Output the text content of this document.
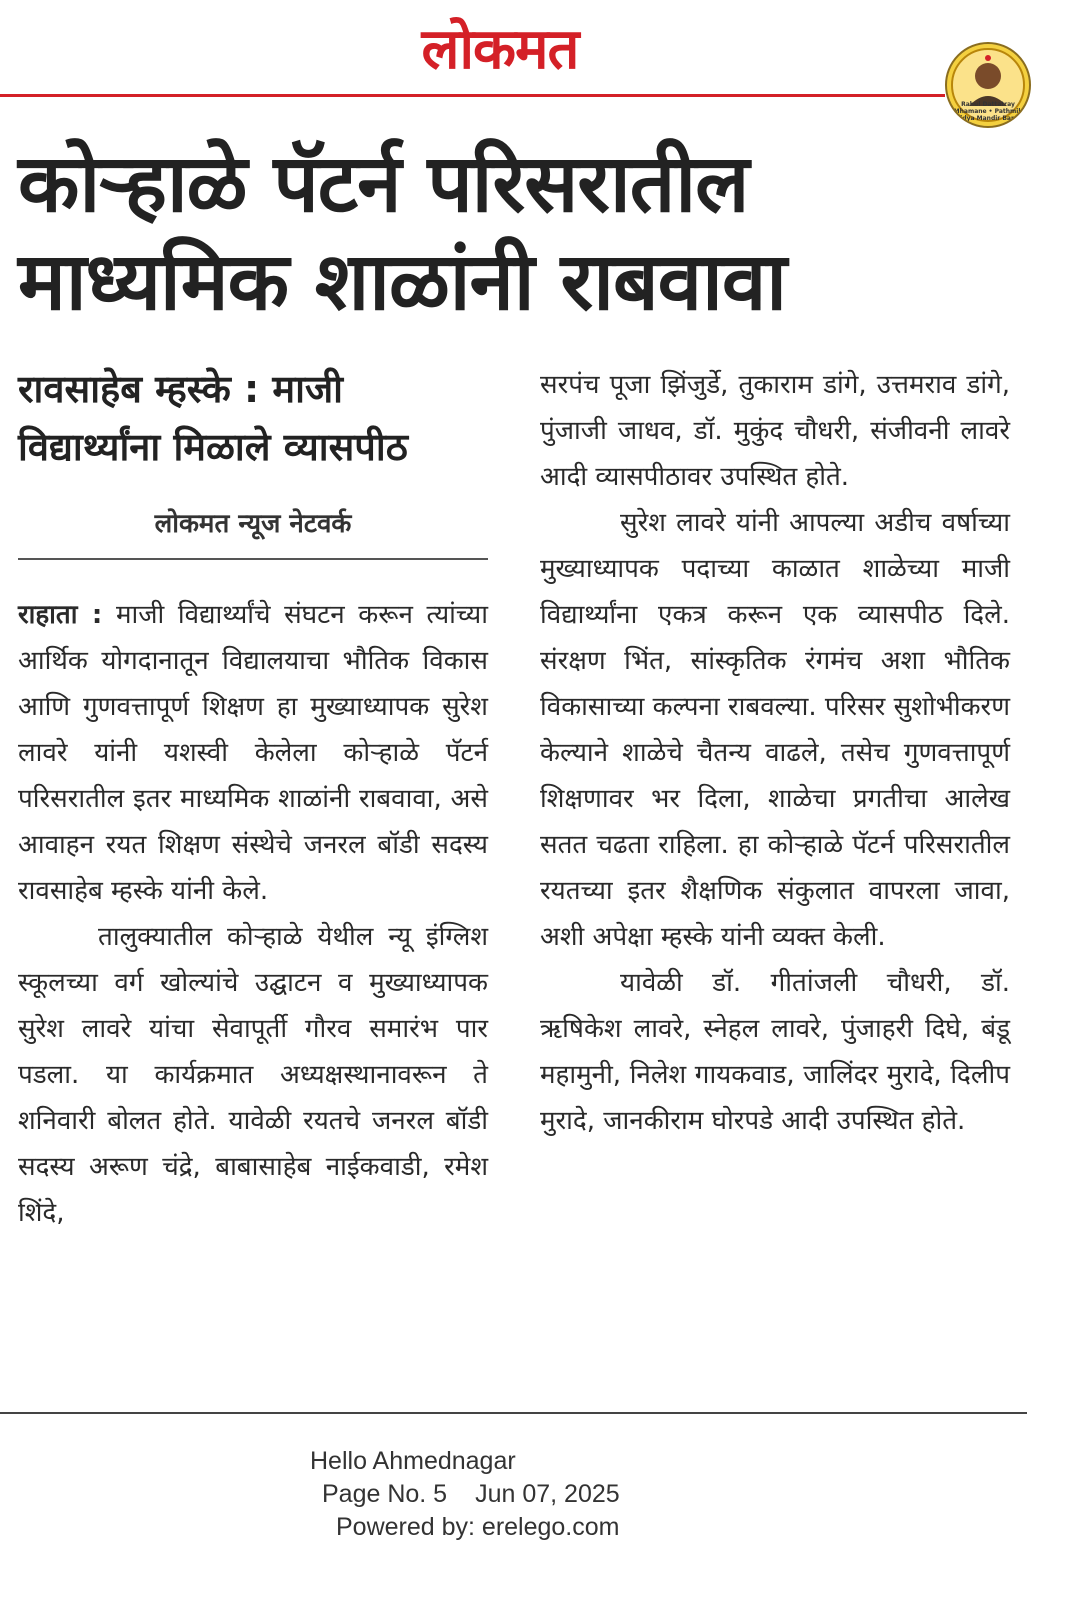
लोकमत
Rahul Dattatray Mhamane • Pathmik Vidya Mandir Bardi
कोऱ्हाळे पॅटर्न परिसरातील
माध्यमिक शाळांनी राबवावा
रावसाहेब म्हस्के : माजी
विद्यार्थ्यांना मिळाले व्यासपीठ
लोकमत न्यूज नेटवर्क

राहाता : माजी विद्यार्थ्यांचे संघटन करून त्यांच्या आर्थिक योगदानातून विद्यालयाचा भौतिक विकास आणि गुणवत्तापूर्ण शिक्षण हा मुख्याध्यापक सुरेश लावरे यांनी यशस्वी केलेला कोऱ्हाळे पॅटर्न परिसरातील इतर माध्यमिक शाळांनी राबवावा, असे आवाहन रयत शिक्षण संस्थेचे जनरल बॉडी सदस्य रावसाहेब म्हस्के यांनी केले.

तालुक्यातील कोऱ्हाळे येथील न्यू इंग्लिश स्कूलच्या वर्ग खोल्यांचे उद्घाटन व मुख्याध्यापक सुरेश लावरे यांचा सेवापूर्ती गौरव समारंभ पार पडला. या कार्यक्रमात अध्यक्षस्थानावरून ते शनिवारी बोलत होते. यावेळी रयतचे जनरल बॉडी सदस्य अरूण चंद्रे, बाबासाहेब नाईकवाडी, रमेश शिंदे,

सरपंच पूजा झिंजुर्डे, तुकाराम डांगे, उत्तमराव डांगे, पुंजाजी जाधव, डॉ. मुकुंद चौधरी, संजीवनी लावरे आदी व्यासपीठावर उपस्थित होते.

सुरेश लावरे यांनी आपल्या अडीच वर्षाच्या मुख्याध्यापक पदाच्या काळात शाळेच्या माजी विद्यार्थ्यांना एकत्र करून एक व्यासपीठ दिले. संरक्षण भिंत, सांस्कृतिक रंगमंच अशा भौतिक विकासाच्या कल्पना राबवल्या. परिसर सुशोभीकरण केल्याने शाळेचे चैतन्य वाढले, तसेच गुणवत्तापूर्ण शिक्षणावर भर दिला, शाळेचा प्रगतीचा आलेख सतत चढता राहिला. हा कोऱ्हाळे पॅटर्न परिसरातील रयतच्या इतर शैक्षणिक संकुलात वापरला जावा, अशी अपेक्षा म्हस्के यांनी व्यक्त केली.

यावेळी डॉ. गीतांजली चौधरी, डॉ. ऋषिकेश लावरे, स्नेहल लावरे, पुंजाहरी दिघे, बंडू महामुनी, निलेश गायकवाड, जालिंदर मुरादे, दिलीप मुरादे, जानकीराम घोरपडे आदी उपस्थित होते.

Hello Ahmednagar
Page No. 5 Jun 07, 2025
Powered by: erelego.com
